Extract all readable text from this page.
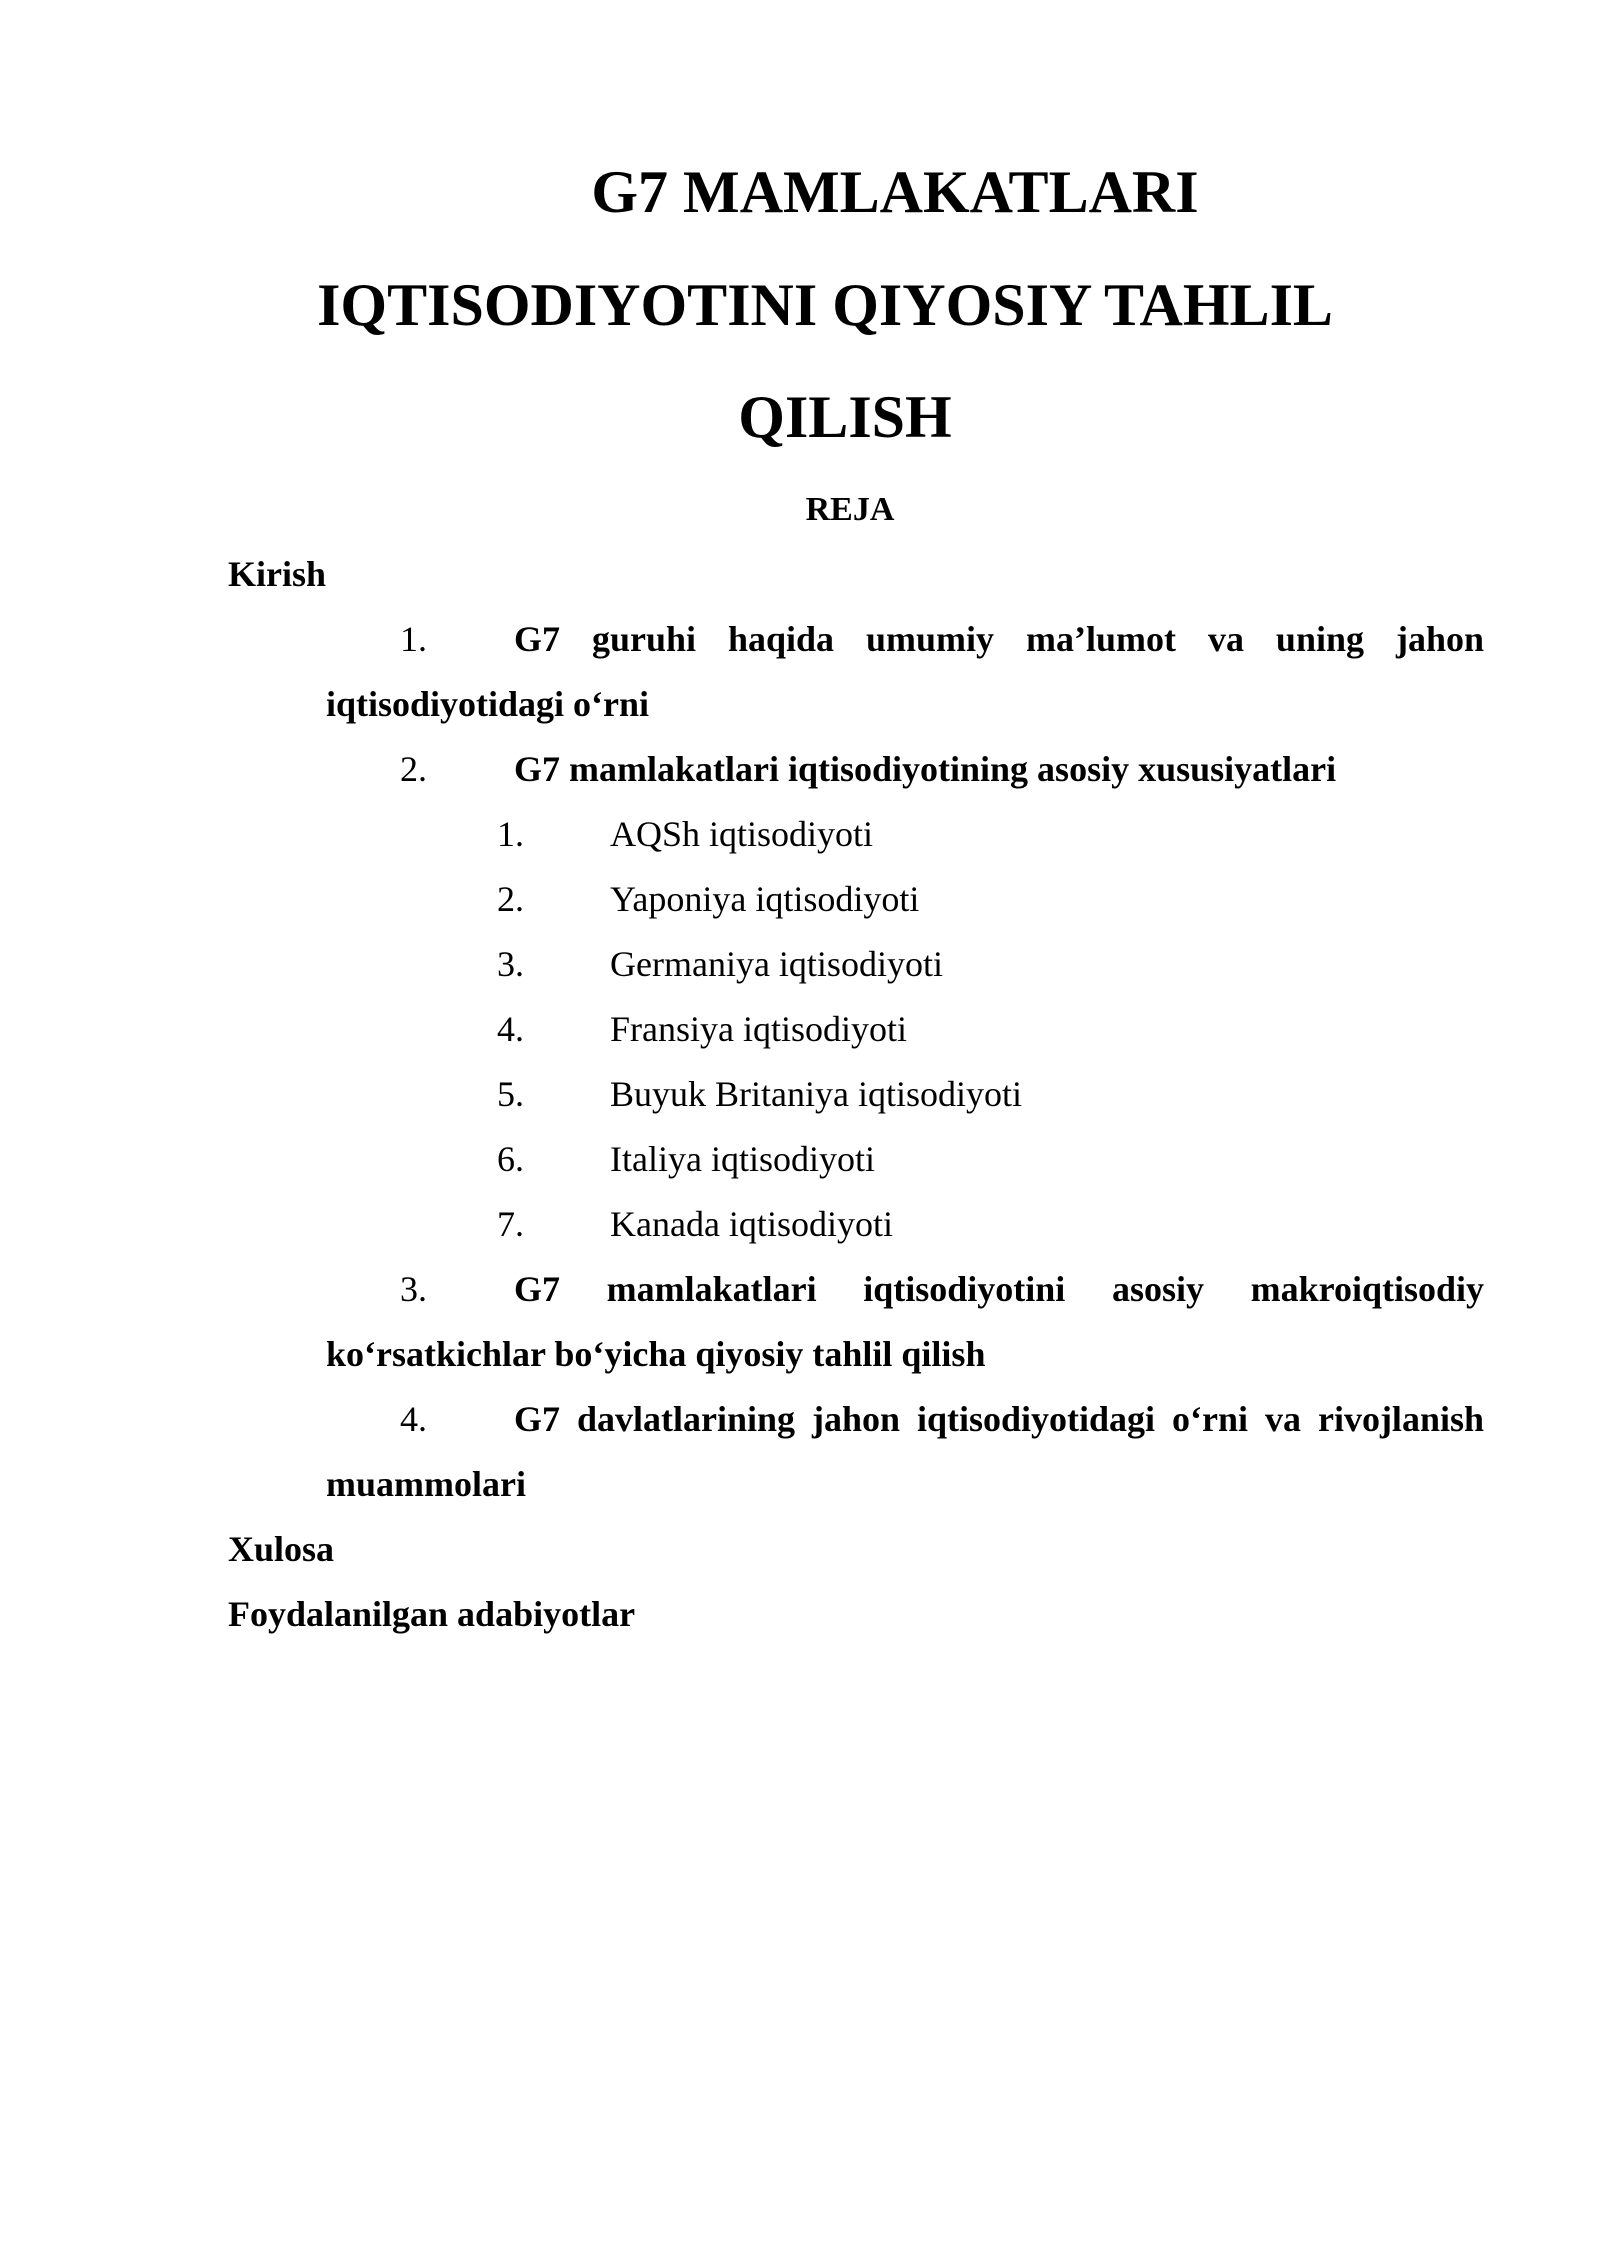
G7 MAMLAKATLARI
IQTISODIYOTINI QIYOSIY TAHLIL
QILISH
REJA
Kirish
1. G7 guruhi haqida umumiy ma’lumot va uning jahon
iqtisodiyotidagi o‘rni
2. G7 mamlakatlari iqtisodiyotining asosiy xususiyatlari
1. AQSh iqtisodiyoti
2. Yaponiya iqtisodiyoti
3. Germaniya iqtisodiyoti
4. Fransiya iqtisodiyoti
5. Buyuk Britaniya iqtisodiyoti
6. Italiya iqtisodiyoti
7. Kanada iqtisodiyoti
3. G7 mamlakatlari iqtisodiyotini asosiy makroiqtisodiy
ko‘rsatkichlar bo‘yicha qiyosiy tahlil qilish
4. G7 davlatlarining jahon iqtisodiyotidagi o‘rni va rivojlanish
muammolari
Xulosa
Foydalanilgan adabiyotlar
